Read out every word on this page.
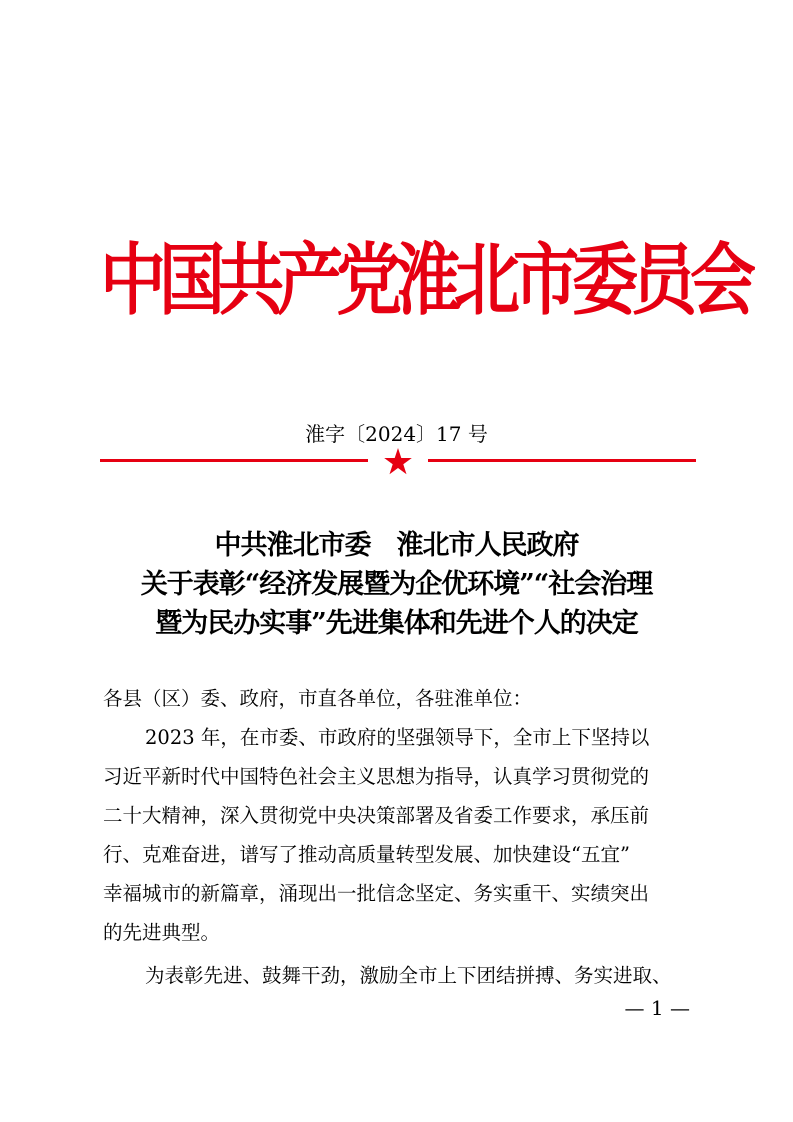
中国共产党淮北市委员会
淮字〔2024〕17 号
中共淮北市委　淮北市人民政府
关于表彰“经济发展暨为企优环境”“社会治理
暨为民办实事”先进集体和先进个人的决定

各县（区）委、政府，市直各单位，各驻淮单位：

2023 年，在市委、市政府的坚强领导下，全市上下坚持以

习近平新时代中国特色社会主义思想为指导，认真学习贯彻党的

二十大精神，深入贯彻党中央决策部署及省委工作要求，承压前

行、克难奋进，谱写了推动高质量转型发展、加快建设“五宜”

幸福城市的新篇章，涌现出一批信念坚定、务实重干、实绩突出

的先进典型。

为表彰先进、鼓舞干劲，激励全市上下团结拼搏、务实进取、

— 1 —
